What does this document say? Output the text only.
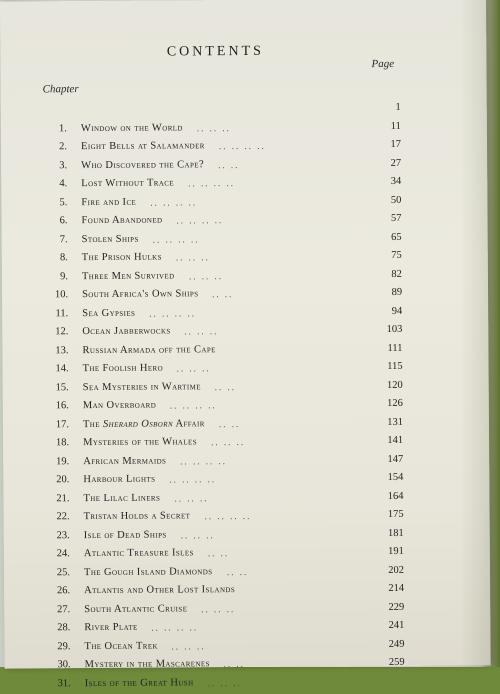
CONTENTS
Page
Chapter
1
1. Window on the World .. .. ..	11
2. Eight Bells at Salamander .. .. .. ..	17
3. Who Discovered the Cape? .. ..	27
4. Lost Without Trace .. .. .. ..	34
5. Fire and Ice .. .. .. ..	50
6. Found Abandoned .. .. .. ..	57
7. Stolen Ships .. .. .. ..	65
8. The Prison Hulks .. .. ..	75
9. Three Men Survived .. .. ..	82
10. South Africa's Own Ships .. ..	89
11. Sea Gypsies .. .. .. ..	94
12. Ocean Jabberwocks .. .. ..	103
13. Russian Armada off the Cape	111
14. The Foolish Hero .. .. ..	115
15. Sea Mysteries in Wartime .. ..	120
16. Man Overboard .. .. .. ..	126
17. The Sherard Osborn Affair .. ..	131
18. Mysteries of the Whales .. .. ..	141
19. African Mermaids .. .. .. ..	147
20. Harbour Lights .. .. .. ..	154
21. The Lilac Liners .. .. ..	164
22. Tristan Holds a Secret .. .. .. ..	175
23. Isle of Dead Ships .. .. ..	181
24. Atlantic Treasure Isles .. ..	191
25. The Gough Island Diamonds .. ..	202
26. Atlantis and Other Lost Islands	214
27. South Atlantic Cruise .. .. ..	229
28. River Plate .. .. .. ..	241
29. The Ocean Trek .. .. ..	249
30. Mystery in the Mascarenes .. ..	259
31. Isles of the Great Hush .. .. ..
